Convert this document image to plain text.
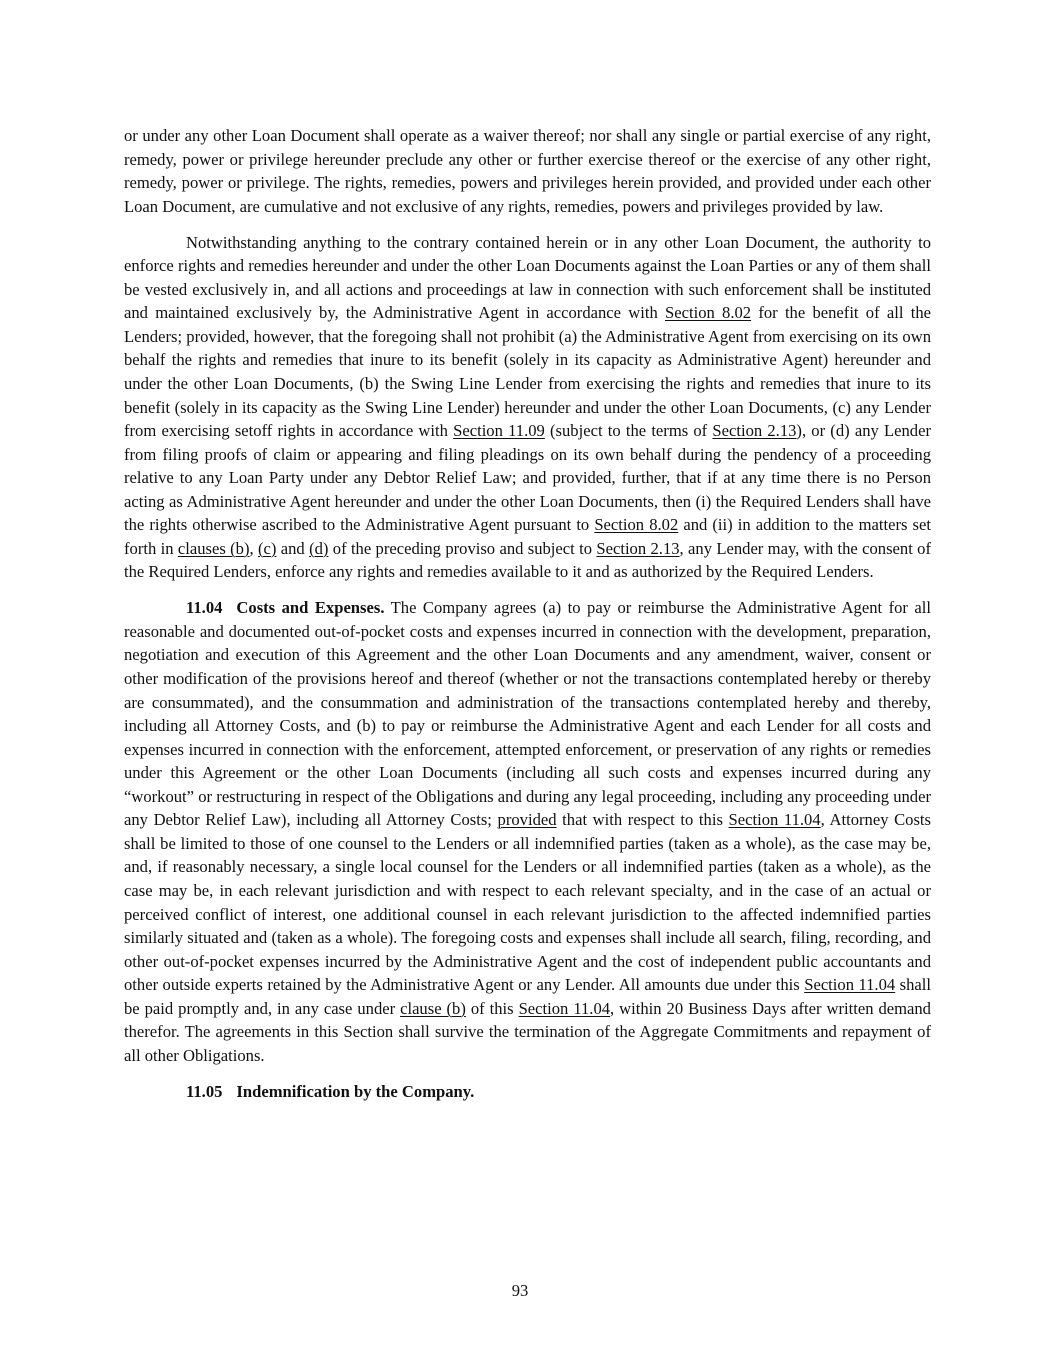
or under any other Loan Document shall operate as a waiver thereof; nor shall any single or partial exercise of any right, remedy, power or privilege hereunder preclude any other or further exercise thereof or the exercise of any other right, remedy, power or privilege. The rights, remedies, powers and privileges herein provided, and provided under each other Loan Document, are cumulative and not exclusive of any rights, remedies, powers and privileges provided by law.

Notwithstanding anything to the contrary contained herein or in any other Loan Document, the authority to enforce rights and remedies hereunder and under the other Loan Documents against the Loan Parties or any of them shall be vested exclusively in, and all actions and proceedings at law in connection with such enforcement shall be instituted and maintained exclusively by, the Administrative Agent in accordance with Section 8.02 for the benefit of all the Lenders; provided, however, that the foregoing shall not prohibit (a) the Administrative Agent from exercising on its own behalf the rights and remedies that inure to its benefit (solely in its capacity as Administrative Agent) hereunder and under the other Loan Documents, (b) the Swing Line Lender from exercising the rights and remedies that inure to its benefit (solely in its capacity as the Swing Line Lender) hereunder and under the other Loan Documents, (c) any Lender from exercising setoff rights in accordance with Section 11.09 (subject to the terms of Section 2.13), or (d) any Lender from filing proofs of claim or appearing and filing pleadings on its own behalf during the pendency of a proceeding relative to any Loan Party under any Debtor Relief Law; and provided, further, that if at any time there is no Person acting as Administrative Agent hereunder and under the other Loan Documents, then (i) the Required Lenders shall have the rights otherwise ascribed to the Administrative Agent pursuant to Section 8.02 and (ii) in addition to the matters set forth in clauses (b), (c) and (d) of the preceding proviso and subject to Section 2.13, any Lender may, with the consent of the Required Lenders, enforce any rights and remedies available to it and as authorized by the Required Lenders.

11.04 Costs and Expenses. The Company agrees (a) to pay or reimburse the Administrative Agent for all reasonable and documented out-of-pocket costs and expenses incurred in connection with the development, preparation, negotiation and execution of this Agreement and the other Loan Documents and any amendment, waiver, consent or other modification of the provisions hereof and thereof (whether or not the transactions contemplated hereby or thereby are consummated), and the consummation and administration of the transactions contemplated hereby and thereby, including all Attorney Costs, and (b) to pay or reimburse the Administrative Agent and each Lender for all costs and expenses incurred in connection with the enforcement, attempted enforcement, or preservation of any rights or remedies under this Agreement or the other Loan Documents (including all such costs and expenses incurred during any “workout” or restructuring in respect of the Obligations and during any legal proceeding, including any proceeding under any Debtor Relief Law), including all Attorney Costs; provided that with respect to this Section 11.04, Attorney Costs shall be limited to those of one counsel to the Lenders or all indemnified parties (taken as a whole), as the case may be, and, if reasonably necessary, a single local counsel for the Lenders or all indemnified parties (taken as a whole), as the case may be, in each relevant jurisdiction and with respect to each relevant specialty, and in the case of an actual or perceived conflict of interest, one additional counsel in each relevant jurisdiction to the affected indemnified parties similarly situated and (taken as a whole). The foregoing costs and expenses shall include all search, filing, recording, and other out-of-pocket expenses incurred by the Administrative Agent and the cost of independent public accountants and other outside experts retained by the Administrative Agent or any Lender. All amounts due under this Section 11.04 shall be paid promptly and, in any case under clause (b) of this Section 11.04, within 20 Business Days after written demand therefor. The agreements in this Section shall survive the termination of the Aggregate Commitments and repayment of all other Obligations.

11.05 Indemnification by the Company.

93
